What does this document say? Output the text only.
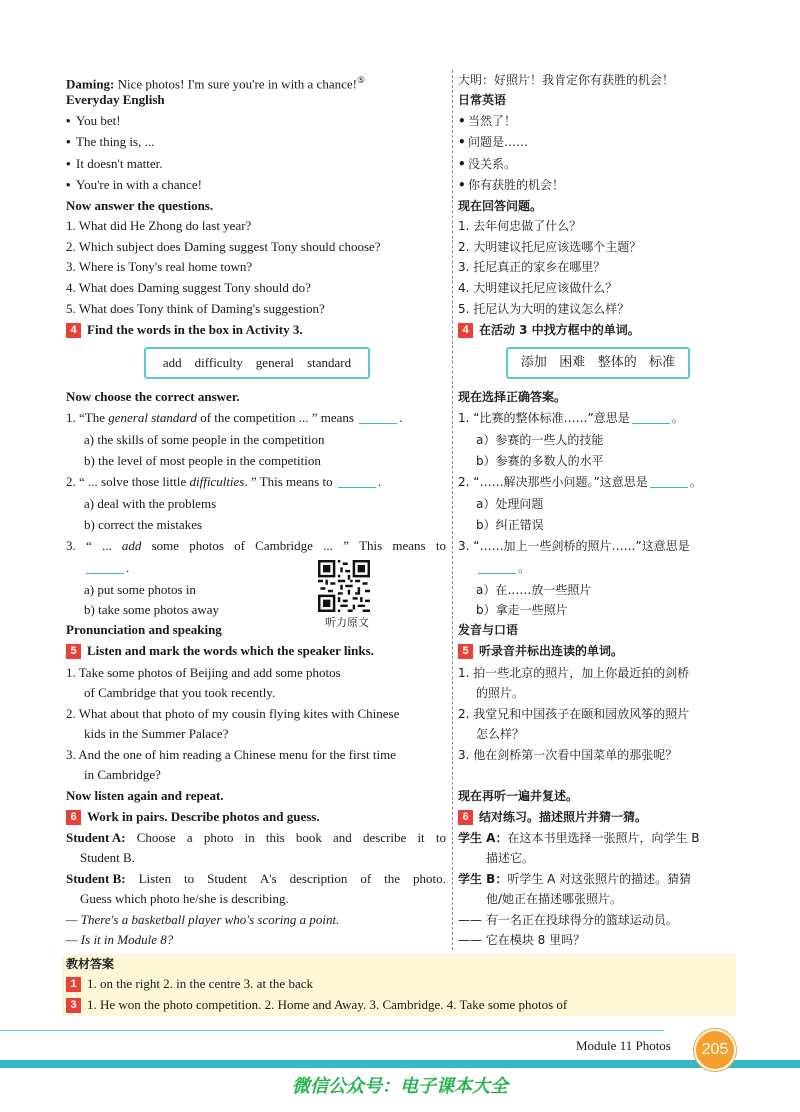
Daming: Nice photos! I'm sure you're in with a chance!⑤
Everyday English
• You bet!
• The thing is, ...
• It doesn't matter.
• You're in with a chance!
Now answer the questions.
1. What did He Zhong do last year?
2. Which subject does Daming suggest Tony should choose?
3. Where is Tony's real home town?
4. What does Daming suggest Tony should do?
5. What does Tony think of Daming's suggestion?
4 Find the words in the box in Activity 3.
add difficulty general standard
Now choose the correct answer.
1. “The general standard of the competition ... ” means	.
a) the skills of some people in the competition
b) the level of most people in the competition
2. “ ... solve those little difficulties. ” This means to	.
a) deal with the problems
b) correct the mistakes
3. “ ... add some photos of Cambridge ... ” This means to
.
a) put some photos in
b) take some photos away
Pronunciation and speaking
5 Listen and mark the words which the speaker links.
1. Take some photos of Beijing and add some photos
of Cambridge that you took recently.
2. What about that photo of my cousin flying kites with Chinese
kids in the Summer Palace?
3. And the one of him reading a Chinese menu for the first time
in Cambridge?
Now listen again and repeat.
6 Work in pairs. Describe photos and guess.
Student A: Choose a photo in this book and describe it to
Student B.
Student B: Listen to Student A's description of the photo.
Guess which photo he/she is describing.
— There's a basketball player who's scoring a point.
— Is it in Module 8?
听力原文
大明：好照片！我肯定你有获胜的机会！
日常英语
• 当然了！
• 问题是……
• 没关系。
• 你有获胜的机会！
现在回答问题。
1. 去年何忠做了什么？
2. 大明建议托尼应该选哪个主题？
3. 托尼真正的家乡在哪里？
4. 大明建议托尼应该做什么？
5. 托尼认为大明的建议怎么样？
4 在活动 3 中找方框中的单词。
添加 困难 整体的 标准
现在选择正确答案。
1. “比赛的整体标准……”意思是	。
a）参赛的一些人的技能
b）参赛的多数人的水平
2. “……解决那些小问题。”这意思是	。
a）处理问题
b）纠正错误
3. “……加上一些剑桥的照片……”这意思是
。
a）在……放一些照片
b）拿走一些照片
发音与口语
5 听录音并标出连读的单词。
1. 拍一些北京的照片，加上你最近拍的剑桥
的照片。
2. 我堂兄和中国孩子在颐和园放风筝的照片
怎么样？
3. 他在剑桥第一次看中国菜单的那张呢？
现在再听一遍并复述。
6 结对练习。描述照片并猜一猜。
学生 A：在这本书里选择一张照片，向学生 B
描述它。
学生 B：听学生 A 对这张照片的描述。猜猜
他/她正在描述哪张照片。
—— 有一名正在投球得分的篮球运动员。
—— 它在模块 8 里吗？
教材答案
1 1. on the right 2. in the centre 3. at the back
3 1. He won the photo competition. 2. Home and Away. 3. Cambridge. 4. Take some photos of
Module 11 Photos	205
微信公众号：电子课本大全
